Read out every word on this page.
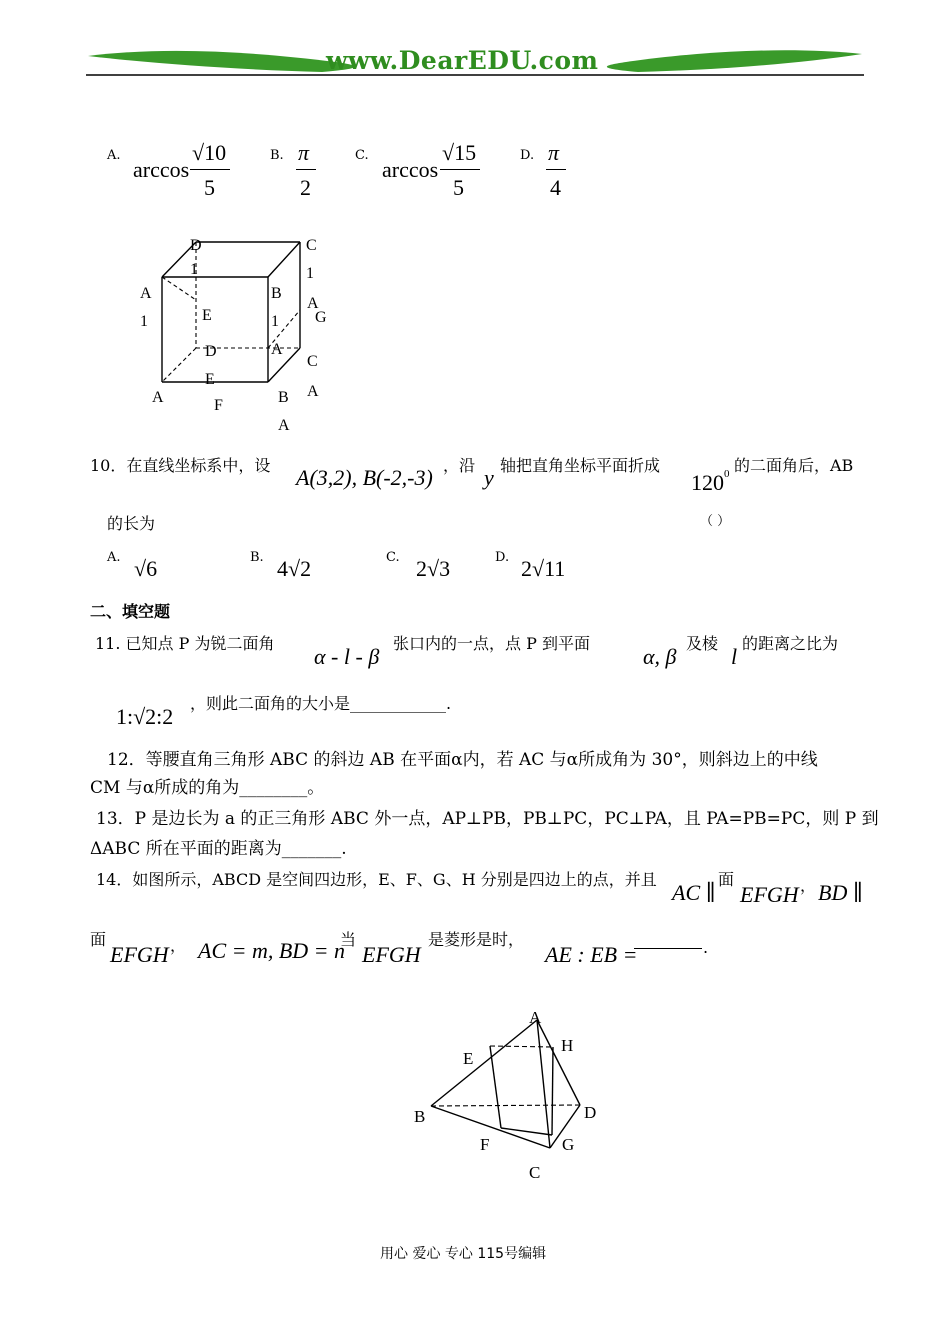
www.DearEDU.com
A.
arccos
√10
5
B. π
2
C.
arccos
√15
5
D. π
4
D
1
C
1
A
1
B
1
E
A
G
D	A
C
A
E
A	F	B
A
10．在直线坐标系中，设 A(3,2), B(-2,-3) ，沿 y 轴把直角坐标平面折成
120 0 的二面角后，AB
的长为	（ ）
A. √6	B. 4√2	C. 2√3	D. 2√11
二、填空题
11. 已知点 P 为锐二面角
α - l - β
张口内的一点，点 P 到平面
α, β
及棱
l
的距离之比为
1:√2:2
，则此二面角的大小是____________.
12．等腰直角三角形 ABC 的斜边 AB 在平面α内，若 AC 与α所成角为 30°，则斜边上的中线
CM 与α所成的角为________。
13．P 是边长为 a 的正三角形 ABC 外一点，AP⊥PB，PB⊥PC，PC⊥PA，且 PA=PB=PC，则 P 到
ΔABC 所在平面的距离为_______.
14．如图所示，ABCD 是空间四边形，E、F、G、H 分别是四边上的点，并且
AC ∥
面
EFGH ， BD ∥
面
EFGH ， AC = m, BD = n
当
EFGH
是菱形是时，
AE : EB =	.
A
H
E
B	D
F	G
C
用心 爱心 专心 115号编辑
